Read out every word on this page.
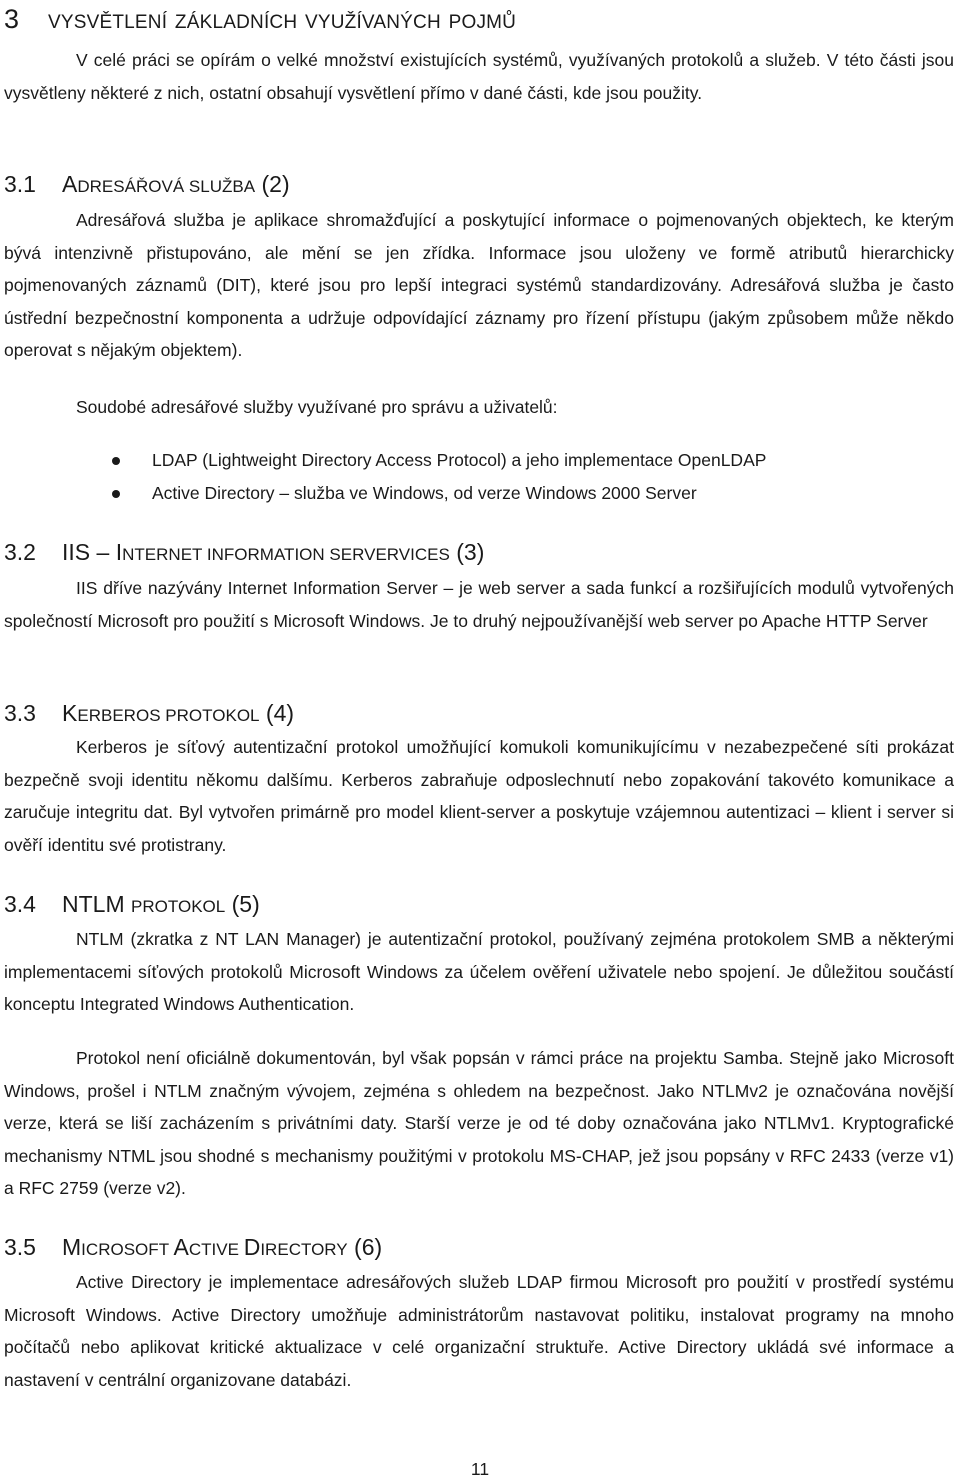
3 vysvětlení základních využívaných pojmů

V celé práci se opírám o velké množství existujících systémů, využívaných protokolů a služeb. V této části jsou vysvětleny některé z nich, ostatní obsahují vysvětlení přímo v dané části, kde jsou použity.

3.1 ADRESÁŘOVÁ SLUŽBA (2)

Adresářová služba je aplikace shromažďující a poskytující informace o pojmenovaných objektech, ke kterým bývá intenzivně přistupováno, ale mění se jen zřídka. Informace jsou uloženy ve formě atributů hierarchicky pojmenovaných záznamů (DIT), které jsou pro lepší integraci systémů standardizovány. Adresářová služba je často ústřední bezpečnostní komponenta a udržuje odpovídající záznamy pro řízení přístupu (jakým způsobem může někdo operovat s nějakým objektem).

Soudobé adresářové služby využívané pro správu a uživatelů:

LDAP (Lightweight Directory Access Protocol) a jeho implementace OpenLDAP
Active Directory – služba ve Windows, od verze Windows 2000 Server
3.2 IIS – INTERNET INFORMATION SERVERVICES (3)

IIS dříve nazývány Internet Information Server – je web server a sada funkcí a rozšiřujících modulů vytvořených společností Microsoft pro použití s Microsoft Windows. Je to druhý nejpoužívanější web server po Apache HTTP Server

3.3 KERBEROS PROTOKOL (4)

Kerberos je síťový autentizační protokol umožňující komukoli komunikujícímu v nezabezpečené síti prokázat bezpečně svoji identitu někomu dalšímu. Kerberos zabraňuje odposlechnutí nebo zopakování takovéto komunikace a zaručuje integritu dat. Byl vytvořen primárně pro model klient-server a poskytuje vzájemnou autentizaci – klient i server si ověří identitu své protistrany.

3.4 NTLM PROTOKOL (5)

NTLM (zkratka z NT LAN Manager) je autentizační protokol, používaný zejména protokolem SMB a některými implementacemi síťových protokolů Microsoft Windows za účelem ověření uživatele nebo spojení. Je důležitou součástí konceptu Integrated Windows Authentication.

Protokol není oficiálně dokumentován, byl však popsán v rámci práce na projektu Samba. Stejně jako Microsoft Windows, prošel i NTLM značným vývojem, zejména s ohledem na bezpečnost. Jako NTLMv2 je označována novější verze, která se liší zacházením s privátními daty. Starší verze je od té doby označována jako NTLMv1. Kryptografické mechanismy NTML jsou shodné s mechanismy použitými v protokolu MS-CHAP, jež jsou popsány v RFC 2433 (verze v1) a RFC 2759 (verze v2).

3.5 MICROSOFT ACTIVE DIRECTORY (6)

Active Directory je implementace adresářových služeb LDAP firmou Microsoft pro použití v prostředí systému Microsoft Windows. Active Directory umožňuje administrátorům nastavovat politiku, instalovat programy na mnoho počítačů nebo aplikovat kritické aktualizace v celé organizační struktuře. Active Directory ukládá své informace a nastavení v centrální organizovane databázi.

11
